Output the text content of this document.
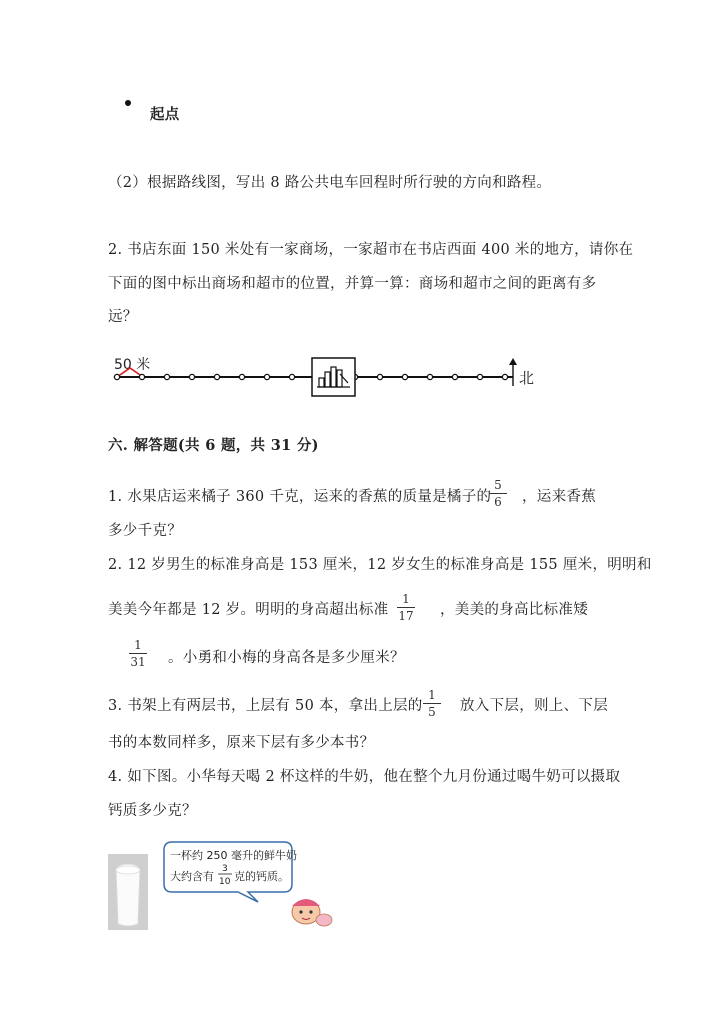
起点
（2）根据路线图，写出 8 路公共电车回程时所行驶的方向和路程。
2. 书店东面 150 米处有一家商场，一家超市在书店西面 400 米的地方，请你在
下面的图中标出商场和超市的位置，并算一算：商场和超市之间的距离有多
远？
50 米
北
六. 解答题(共 6 题，共 31 分)
1. 水果店运来橘子 360 千克，运来的香蕉的质量是橘子的
5
6	，运来香蕉
多少千克？
2. 12 岁男生的标准身高是 153 厘米，12 岁女生的标准身高是 155 厘米，明明和
美美今年都是 12 岁。明明的身高超出标准
1
17	，美美的身高比标准矮
1
31	。小勇和小梅的身高各是多少厘米？
3. 书架上有两层书，上层有 50 本，拿出上层的
1
5	放入下层，则上、下层
书的本数同样多，原来下层有多少本书？
4. 如下图。小华每天喝 2 杯这样的牛奶，他在整个九月份通过喝牛奶可以摄取
钙质多少克？
一杯约 250 毫升的鲜牛奶
大约含有
3
10 克的钙质。
